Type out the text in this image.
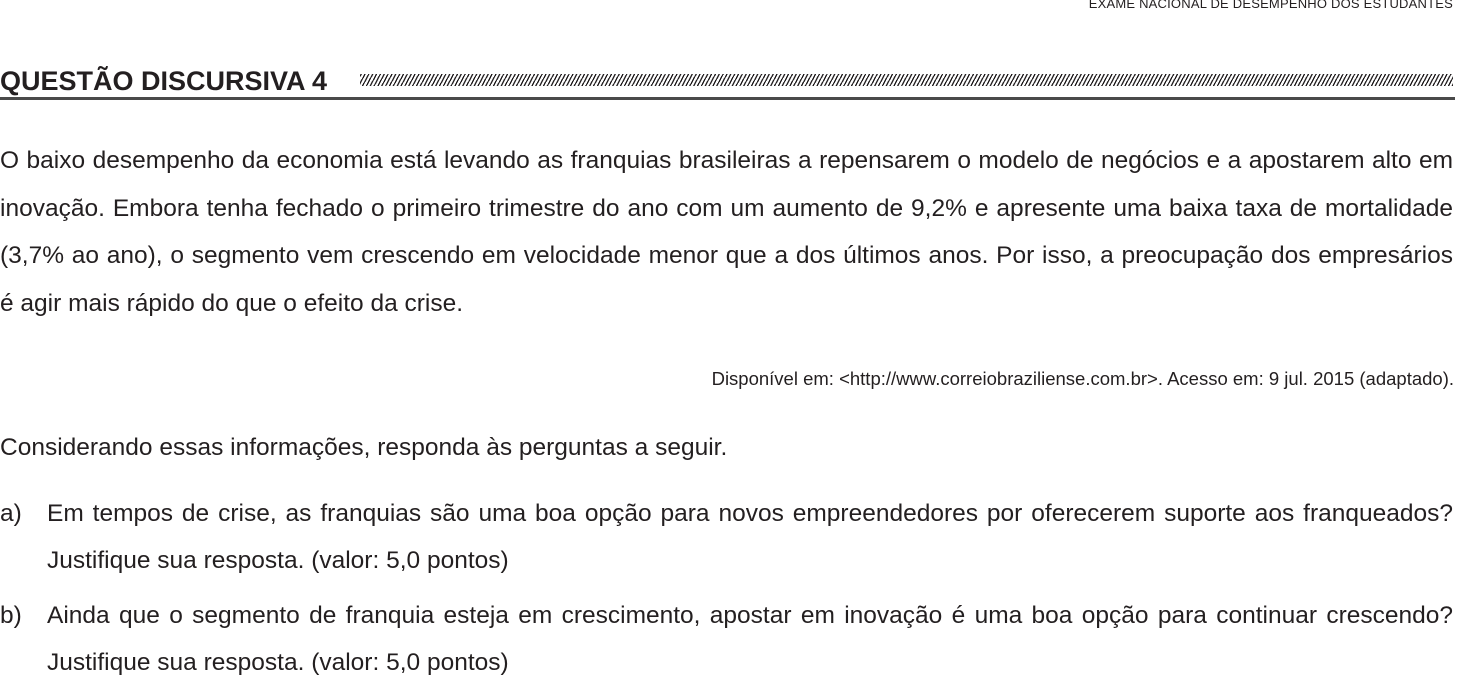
EXAME NACIONAL DE DESEMPENHO DOS ESTUDANTES
QUESTÃO DISCURSIVA 4

O baixo desempenho da economia está levando as franquias brasileiras a repensarem o modelo de negócios e a apostarem alto em inovação. Embora tenha fechado o primeiro trimestre do ano com um aumento de 9,2% e apresente uma baixa taxa de mortalidade (3,7% ao ano), o segmento vem crescendo em velocidade menor que a dos últimos anos. Por isso, a preocupação dos empresários é agir mais rápido do que o efeito da crise.

Disponível em: <http://www.correiobraziliense.com.br>. Acesso em: 9 jul. 2015 (adaptado).

Considerando essas informações, responda às perguntas a seguir.

a) Em tempos de crise, as franquias são uma boa opção para novos empreendedores por oferecerem suporte aos franqueados? Justifique sua resposta. (valor: 5,0 pontos)

b) Ainda que o segmento de franquia esteja em crescimento, apostar em inovação é uma boa opção para continuar crescendo? Justifique sua resposta. (valor: 5,0 pontos)
